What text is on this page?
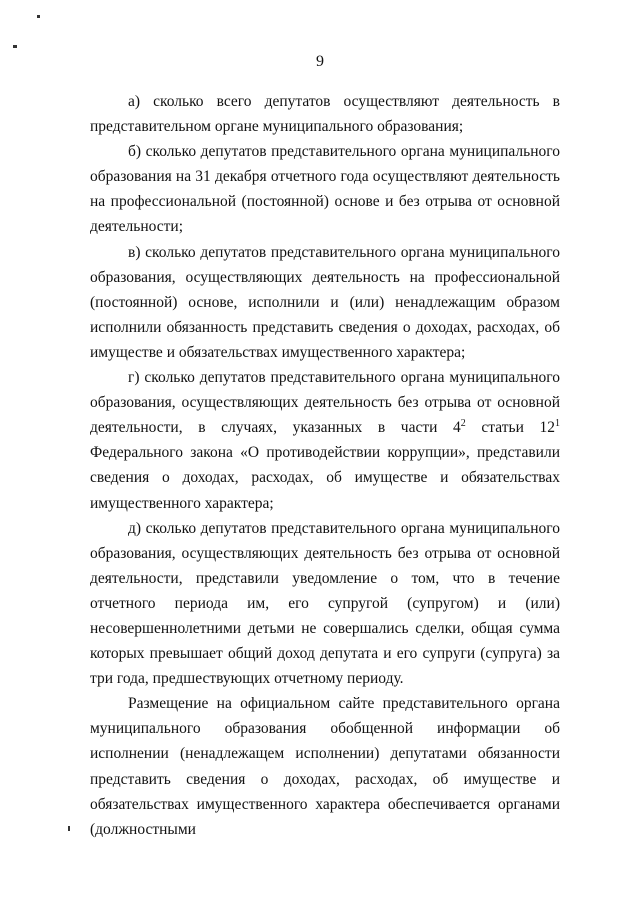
9

а) сколько всего депутатов осуществляют деятельность в представительном органе муниципального образования;

б) сколько депутатов представительного органа муниципального образования на 31 декабря отчетного года осуществляют деятельность на профессиональной (постоянной) основе и без отрыва от основной деятельности;

в) сколько депутатов представительного органа муниципального образования, осуществляющих деятельность на профессиональной (постоянной) основе, исполнили и (или) ненадлежащим образом исполнили обязанность представить сведения о доходах, расходах, об имуществе и обязательствах имущественного характера;

г) сколько депутатов представительного органа муниципального образования, осуществляющих деятельность без отрыва от основной деятельности, в случаях, указанных в части $4^2$ статьи $12^1$ Федерального закона «О противодействии коррупции», представили сведения о доходах, расходах, об имуществе и обязательствах имущественного характера;

д) сколько депутатов представительного органа муниципального образования, осуществляющих деятельность без отрыва от основной деятельности, представили уведомление о том, что в течение отчетного периода им, его супругой (супругом) и (или) несовершеннолетними детьми не совершались сделки, общая сумма которых превышает общий доход депутата и его супруги (супруга) за три года, предшествующих отчетному периоду.

Размещение на официальном сайте представительного органа муниципального образования обобщенной информации об исполнении (ненадлежащем исполнении) депутатами обязанности представить сведения о доходах, расходах, об имуществе и обязательствах имущественного характера обеспечивается органами (должностными
